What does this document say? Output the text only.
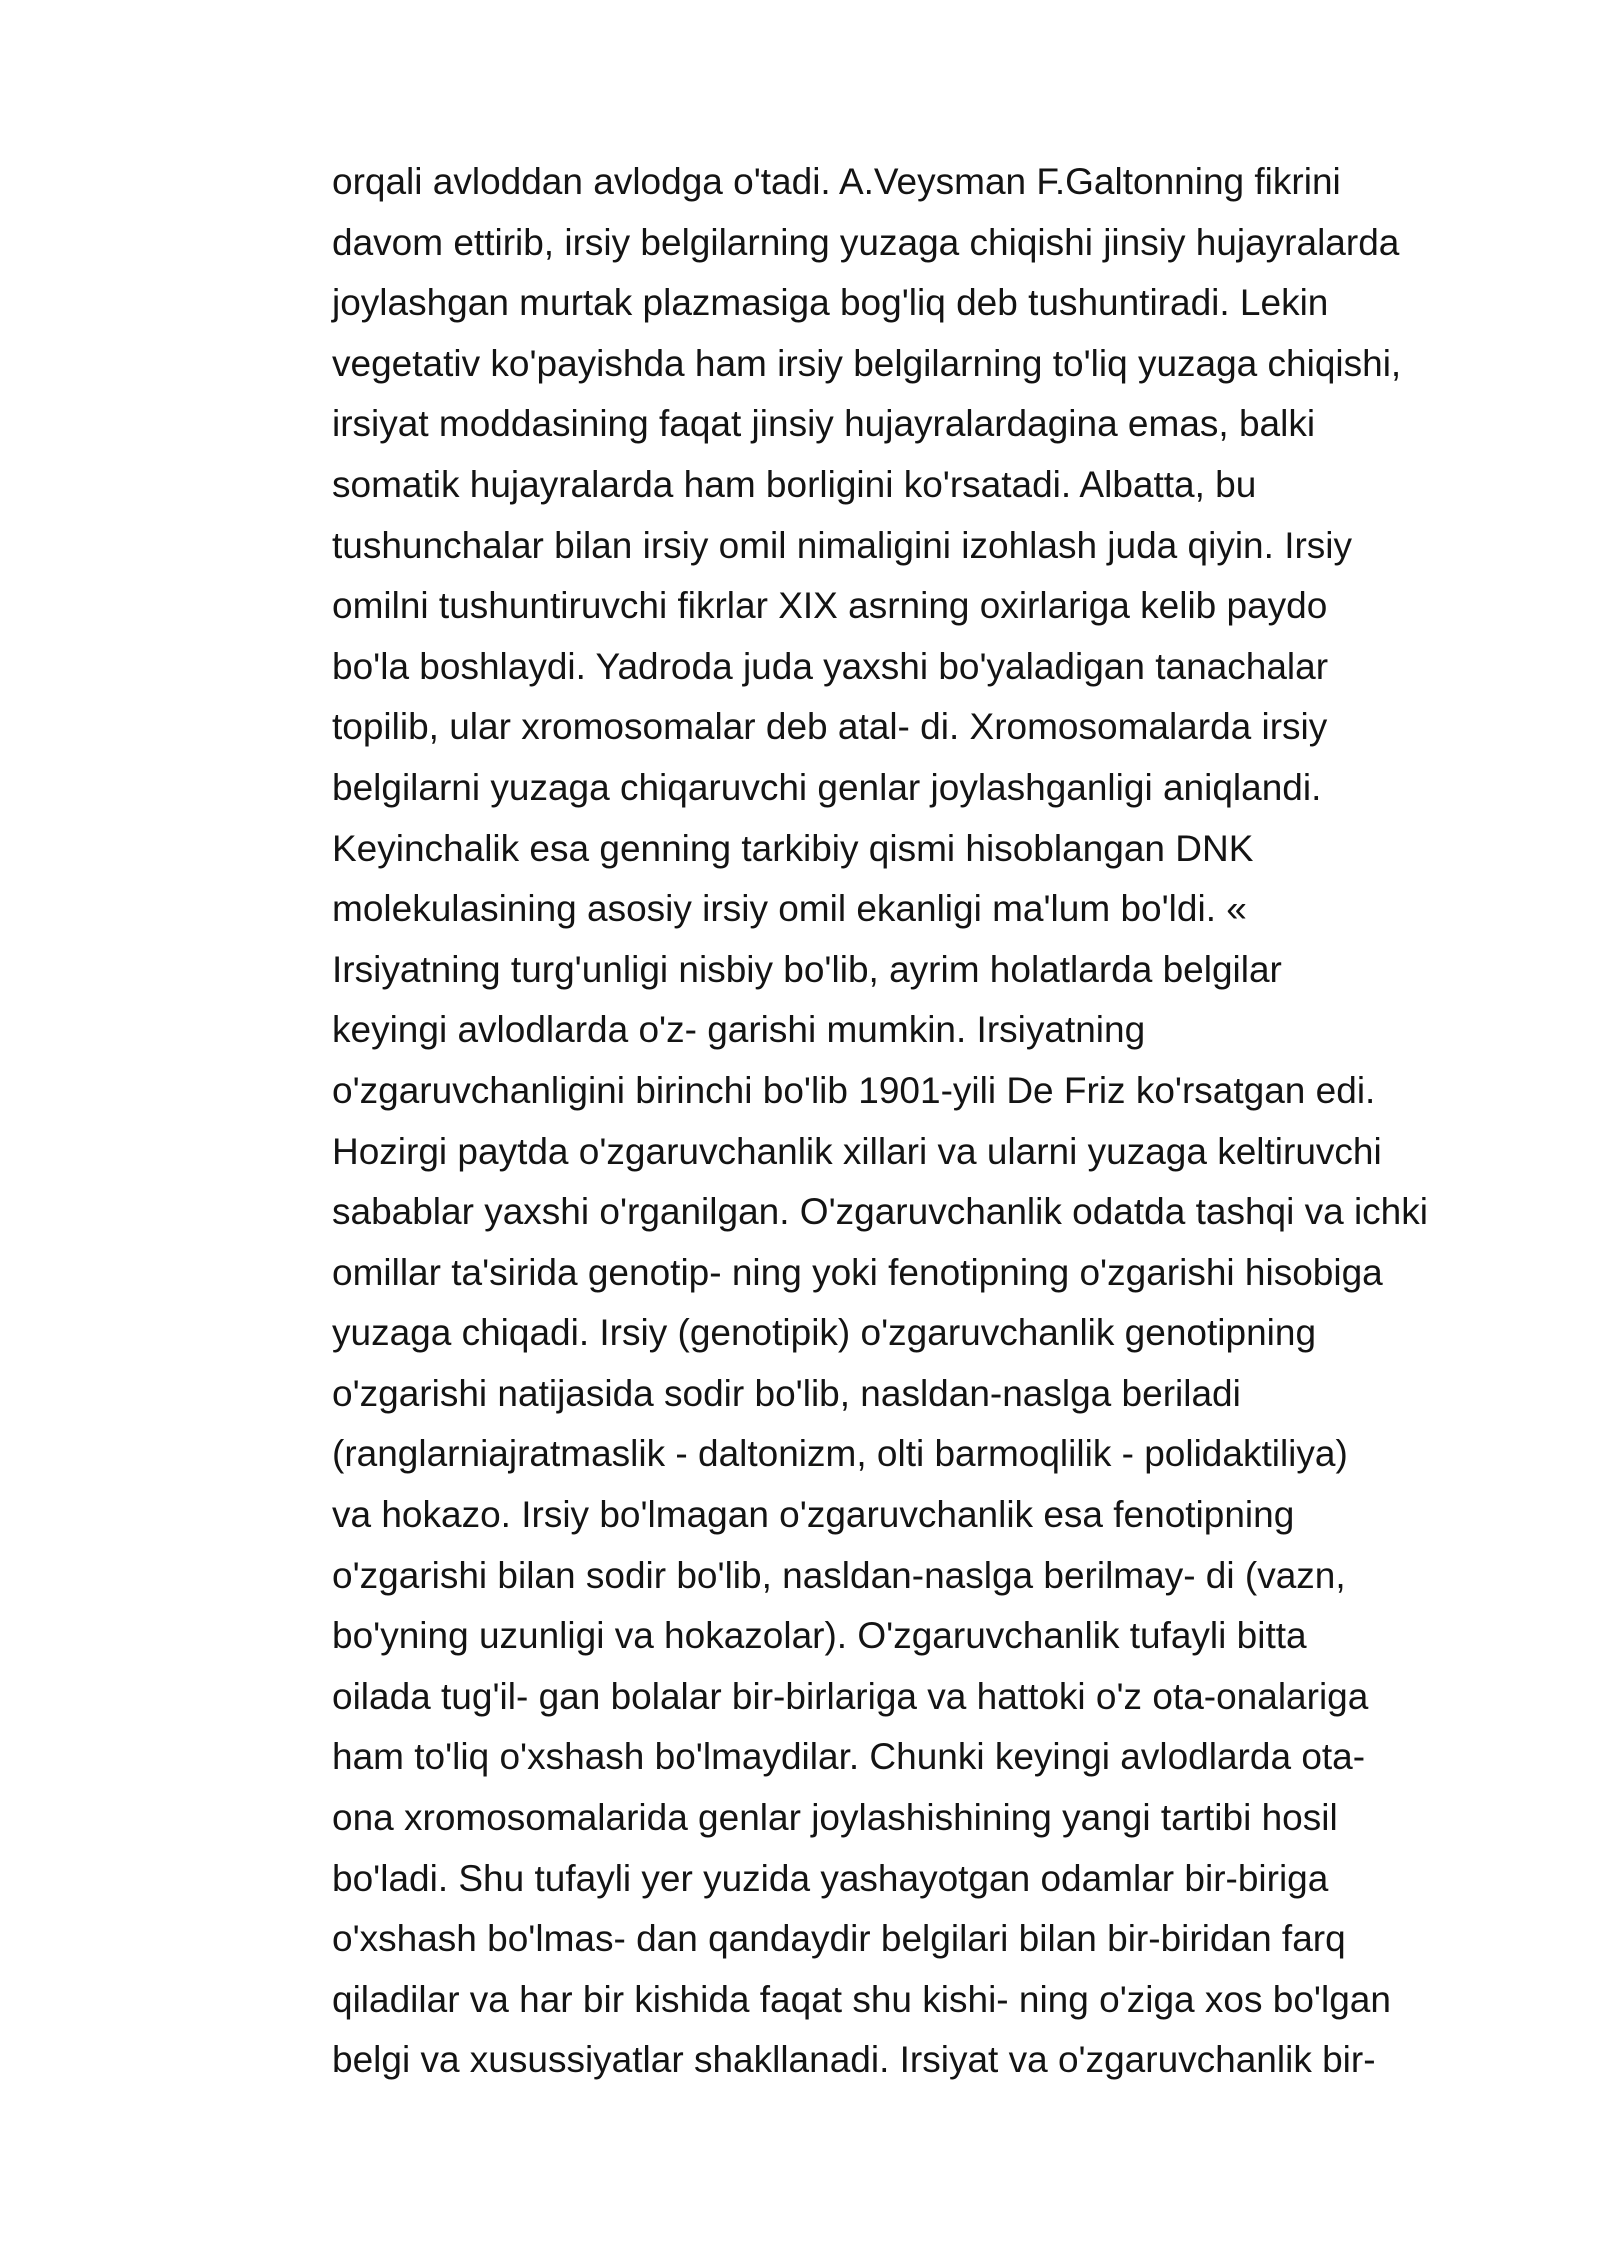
orqali avloddan avlodga o'tadi. A.Veysman F.Galtonning fikrini
davom ettirib, irsiy belgilarning yuzaga chiqishi jinsiy hujayralarda
joylashgan murtak plazmasiga bog'liq deb tushuntiradi. Lekin
vegetativ ko'payishda ham irsiy belgilarning to'liq yuzaga chiqishi,
irsiyat moddasining faqat jinsiy hujayralardagina emas, balki
somatik hujayralarda ham borligini ko'rsatadi. Albatta, bu
tushunchalar bilan irsiy omil nimaligini izohlash juda qiyin. Irsiy
omilni tushuntiruvchi fikrlar XIX asrning oxirlariga kelib paydo
bo'la boshlaydi. Yadroda juda yaxshi bo'yaladigan tanachalar
topilib, ular xromosomalar deb atal- di. Xromosomalarda irsiy
belgilarni yuzaga chiqaruvchi genlar joylashganligi aniqlandi.
Keyinchalik esa genning tarkibiy qismi hisoblangan DNK
molekulasining asosiy irsiy omil ekanligi ma'lum bo'ldi. «
Irsiyatning turg'unligi nisbiy bo'lib, ayrim holatlarda belgilar
keyingi avlodlarda o'z- garishi mumkin. Irsiyatning
o'zgaruvchanligini birinchi bo'lib 1901-yili De Friz ko'rsatgan edi.
Hozirgi paytda o'zgaruvchanlik xillari va ularni yuzaga keltiruvchi
sabablar yaxshi o'rganilgan. O'zgaruvchanlik odatda tashqi va ichki
omillar ta'sirida genotip- ning yoki fenotipning o'zgarishi hisobiga
yuzaga chiqadi. Irsiy (genotipik) o'zgaruvchanlik genotipning
o'zgarishi natijasida sodir bo'lib, nasldan-naslga beriladi
(ranglarniajratmaslik - daltonizm, olti barmoqlilik - polidaktiliya)
va hokazo. Irsiy bo'lmagan o'zgaruvchanlik esa fenotipning
o'zgarishi bilan sodir bo'lib, nasldan-naslga berilmay- di (vazn,
bo'yning uzunligi va hokazolar). O'zgaruvchanlik tufayli bitta
oilada tug'il- gan bolalar bir-birlariga va hattoki o'z ota-onalariga
ham to'liq o'xshash bo'lmaydilar. Chunki keyingi avlodlarda ota-
ona xromosomalarida genlar joylashishining yangi tartibi hosil
bo'ladi. Shu tufayli yer yuzida yashayotgan odamlar bir-biriga
o'xshash bo'lmas- dan qandaydir belgilari bilan bir-biridan farq
qiladilar va har bir kishida faqat shu kishi- ning o'ziga xos bo'lgan
belgi va xusussiyatlar shakllanadi. Irsiyat va o'zgaruvchanlik bir-
